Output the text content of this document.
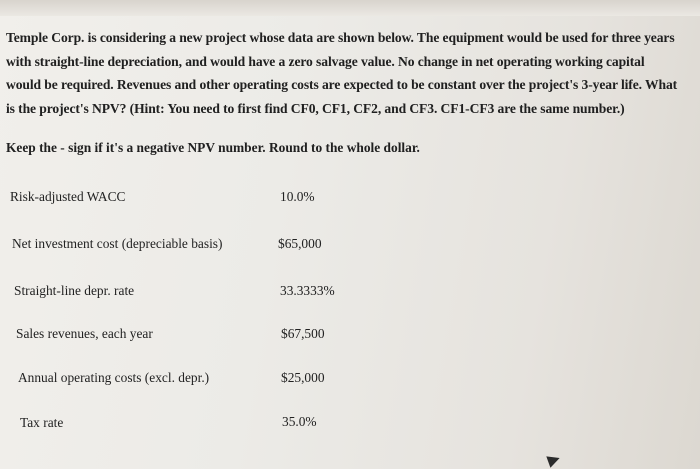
Temple Corp. is considering a new project whose data are shown below. The equipment would be used for three years
with straight-line depreciation, and would have a zero salvage value. No change in net operating working capital
would be required. Revenues and other operating costs are expected to be constant over the project's 3-year life. What
is the project's NPV? (Hint: You need to first find CF0, CF1, CF2, and CF3. CF1-CF3 are the same number.)
Keep the - sign if it's a negative NPV number. Round to the whole dollar.
Risk-adjusted WACC	10.0%
Net investment cost (depreciable basis)	$65,000
Straight-line depr. rate	33.3333%
Sales revenues, each year	$67,500
Annual operating costs (excl. depr.)	$25,000
Tax rate	35.0%
